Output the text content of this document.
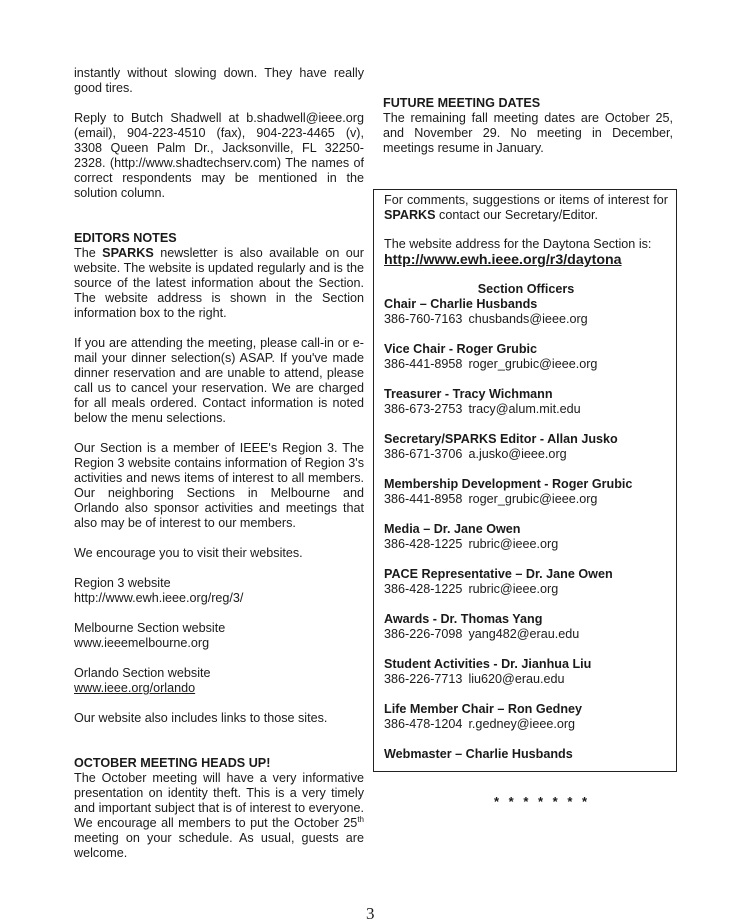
instantly without slowing down. They have really good tires.

Reply to Butch Shadwell at b.shadwell@ieee.org (email), 904-223-4510 (fax), 904-223-4465 (v), 3308 Queen Palm Dr., Jacksonville, FL 32250-2328. (http://www.shadtechserv.com) The names of correct respondents may be mentioned in the solution column.

EDITORS NOTES

The SPARKS newsletter is also available on our website. The website is updated regularly and is the source of the latest information about the Section. The website address is shown in the Section information box to the right.

If you are attending the meeting, please call-in or e-mail your dinner selection(s) ASAP. If you've made dinner reservation and are unable to attend, please call us to cancel your reservation. We are charged for all meals ordered. Contact information is noted below the menu selections.

Our Section is a member of IEEE's Region 3. The Region 3 website contains information of Region 3's activities and news items of interest to all members. Our neighboring Sections in Melbourne and Orlando also sponsor activities and meetings that also may be of interest to our members.

We encourage you to visit their websites.

Region 3 website
http://www.ewh.ieee.org/reg/3/
Melbourne Section website
www.ieeemelbourne.org
Orlando Section website
www.ieee.org/orlando

Our website also includes links to those sites.

OCTOBER MEETING HEADS UP!

The October meeting will have a very informative presentation on identity theft. This is a very timely and important subject that is of interest to everyone. We encourage all members to put the October 25th meeting on your schedule. As usual, guests are welcome.

FUTURE MEETING DATES

The remaining fall meeting dates are October 25, and November 29. No meeting in December, meetings resume in January.

For comments, suggestions or items of interest for SPARKS contact our Secretary/Editor.

The website address for the Daytona Section is:
http://www.ewh.ieee.org/r3/daytona
Section Officers
Chair – Charlie Husbands
386-760-7163 chusbands@ieee.org
Vice Chair - Roger Grubic
386-441-8958 roger_grubic@ieee.org
Treasurer - Tracy Wichmann
386-673-2753 tracy@alum.mit.edu
Secretary/SPARKS Editor - Allan Jusko
386-671-3706 a.jusko@ieee.org
Membership Development - Roger Grubic
386-441-8958 roger_grubic@ieee.org
Media – Dr. Jane Owen
386-428-1225 rubric@ieee.org
PACE Representative – Dr. Jane Owen
386-428-1225 rubric@ieee.org
Awards - Dr. Thomas Yang
386-226-7098 yang482@erau.edu
Student Activities - Dr. Jianhua Liu
386-226-7713 liu620@erau.edu
Life Member Chair – Ron Gedney
386-478-1204 r.gedney@ieee.org
Webmaster – Charlie Husbands
* * * * * * *
3
